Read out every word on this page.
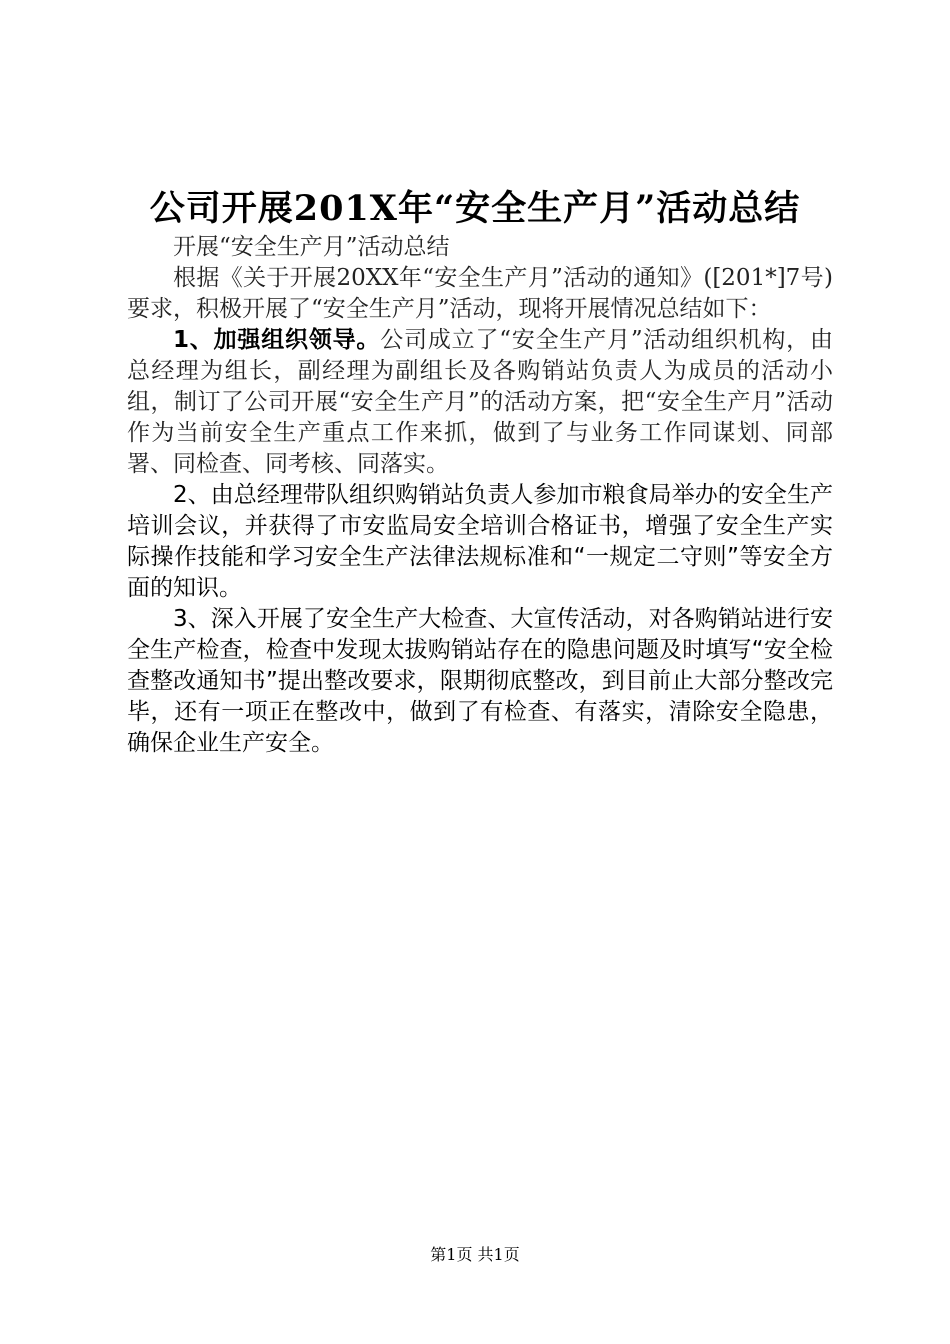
公司开展201X年“安全生产月”活动总结

开展“安全生产月”活动总结

根据《关于开展20XX年“安全生产月”活动的通知》([201*]7号)要求，积极开展了“安全生产月”活动，现将开展情况总结如下：

1、加强组织领导。公司成立了“安全生产月”活动组织机构，由总经理为组长，副经理为副组长及各购销站负责人为成员的活动小组，制订了公司开展“安全生产月”的活动方案，把“安全生产月”活动作为当前安全生产重点工作来抓，做到了与业务工作同谋划、同部署、同检查、同考核、同落实。

2、由总经理带队组织购销站负责人参加市粮食局举办的安全生产培训会议，并获得了市安监局安全培训合格证书，增强了安全生产实际操作技能和学习安全生产法律法规标准和“一规定二守则”等安全方面的知识。

3、深入开展了安全生产大检查、大宣传活动，对各购销站进行安全生产检查，检查中发现太拔购销站存在的隐患问题及时填写“安全检查整改通知书”提出整改要求，限期彻底整改，到目前止大部分整改完毕，还有一项正在整改中，做到了有检查、有落实，清除安全隐患，确保企业生产安全。

第1页 共1页
